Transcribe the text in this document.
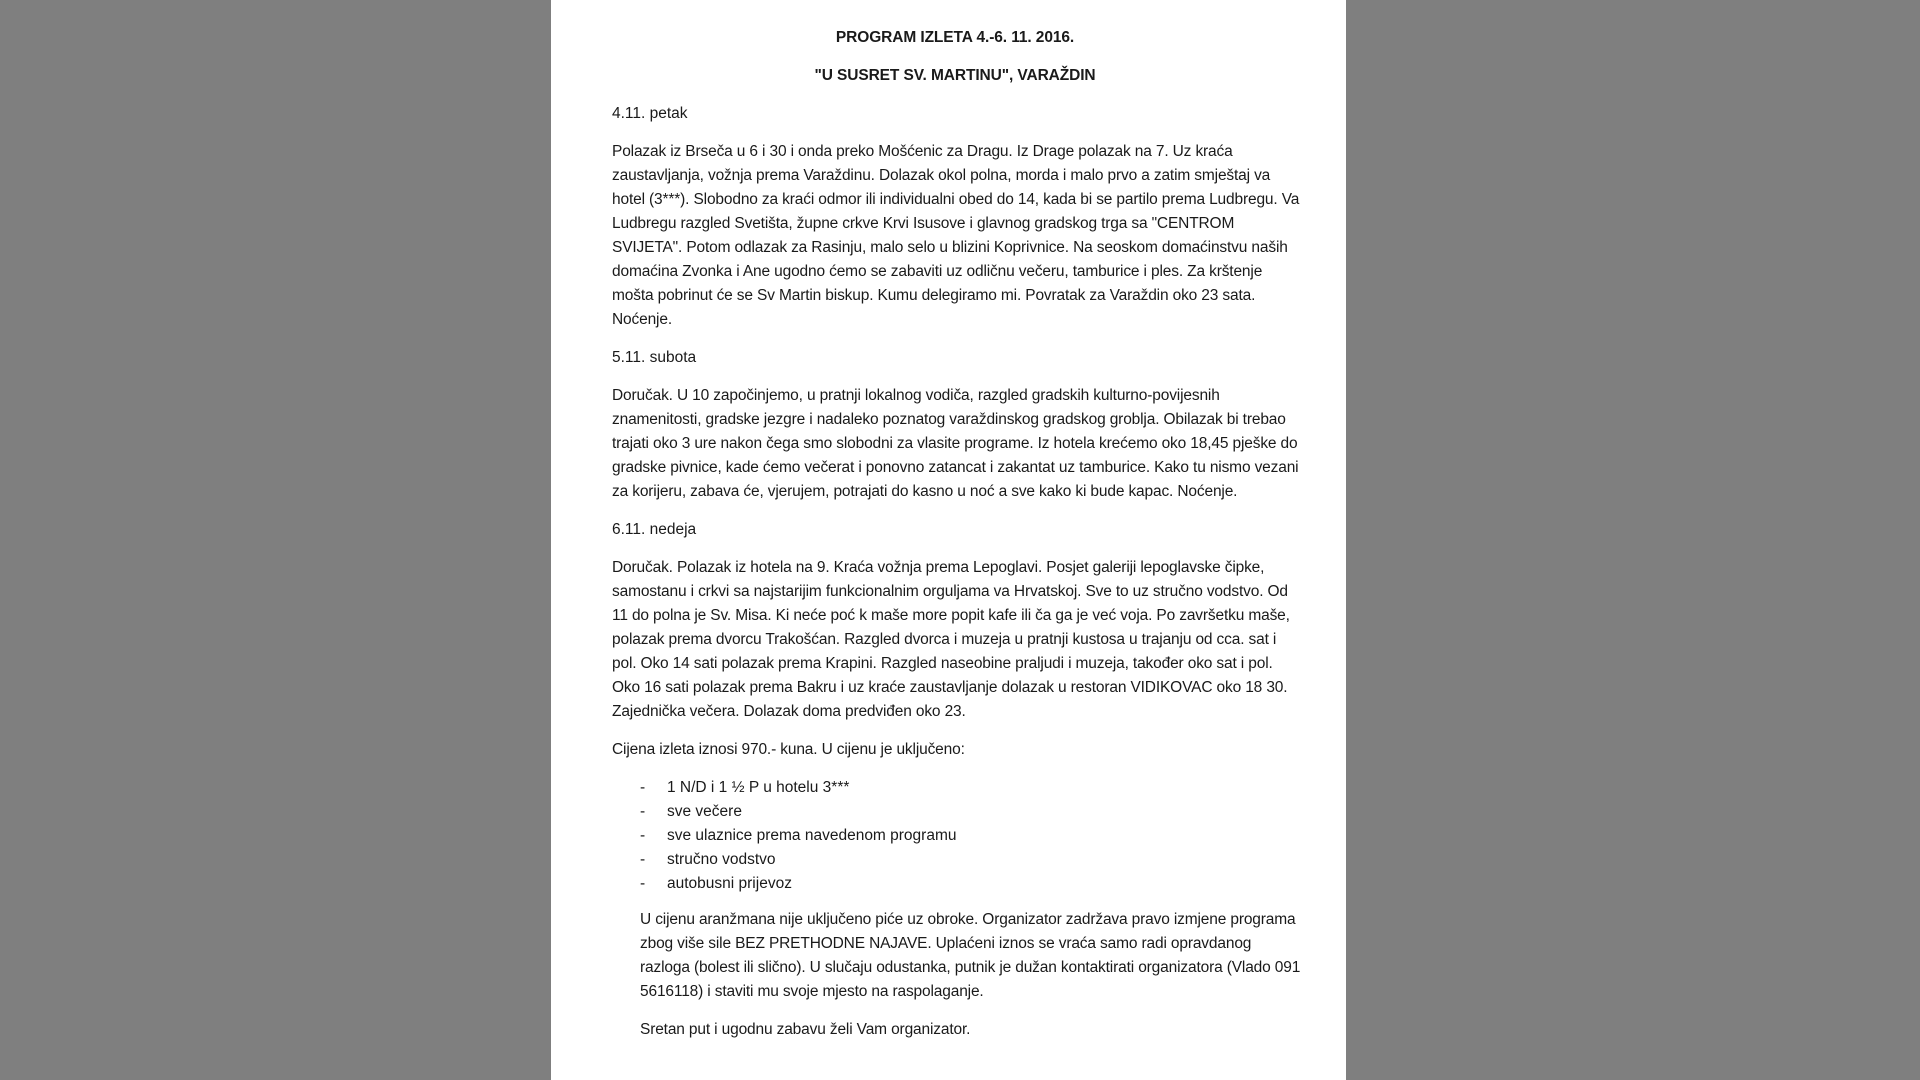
PROGRAM IZLETA 4.-6. 11. 2016.
"U SUSRET SV. MARTINU", VARAŽDIN
4.11. petak

Polazak iz Brseča u 6 i 30 i onda preko Mošćenic za Dragu. Iz Drage polazak na 7. Uz kraća zaustavljanja, vožnja prema Varaždinu. Dolazak okol polna, morda i malo prvo a zatim smještaj va hotel (3***). Slobodno za kraći odmor ili individualni obed do 14, kada bi se partilo prema Ludbregu. Va Ludbregu razgled Svetišta, župne crkve Krvi Isusove i glavnog gradskog trga sa "CENTROM SVIJETA". Potom odlazak za Rasinju, malo selo u blizini Koprivnice. Na seoskom domaćinstvu naših domaćina Zvonka i Ane ugodno ćemo se zabaviti uz odličnu večeru, tamburice i ples. Za krštenje mošta pobrinut će se Sv Martin biskup. Kumu delegiramo mi. Povratak za Varaždin oko 23 sata. Noćenje.

5.11. subota

Doručak. U 10 započinjemo, u pratnji lokalnog vodiča, razgled gradskih kulturno-povijesnih znamenitosti, gradske jezgre i nadaleko poznatog varaždinskog gradskog groblja. Obilazak bi trebao trajati oko 3 ure nakon čega smo slobodni za vlasite programe. Iz hotela krećemo oko 18,45 pješke do gradske pivnice, kade ćemo večerat i ponovno zatancat i zakantat uz tamburice. Kako tu nismo vezani za korijeru, zabava će, vjerujem, potrajati do kasno u noć a sve kako ki bude kapac. Noćenje.

6.11. nedeja

Doručak. Polazak iz hotela na 9. Kraća vožnja prema Lepoglavi. Posjet galeriji lepoglavske čipke, samostanu i crkvi sa najstarijim funkcionalnim orguljama va Hrvatskoj. Sve to uz stručno vodstvo. Od 11 do polna je Sv. Misa. Ki neće poć k maše more popit kafe ili ča ga je već voja. Po završetku maše, polazak prema dvorcu Trakošćan. Razgled dvorca i muzeja u pratnji kustosa u trajanju od cca. sat i pol. Oko 14 sati polazak prema Krapini. Razgled naseobine praljudi i muzeja, također oko sat i pol. Oko 16 sati polazak prema Bakru i uz kraće zaustavljanje dolazak u restoran VIDIKOVAC oko 18 30. Zajednička večera. Dolazak doma predviđen oko 23.

Cijena izleta iznosi 970.- kuna. U cijenu je uključeno:

- 1 N/D i 1 ½ P u hotelu 3***
- sve večere
- sve ulaznice prema navedenom programu
- stručno vodstvo
- autobusni prijevoz

U cijenu aranžmana nije uključeno piće uz obroke. Organizator zadržava pravo izmjene programa zbog više sile BEZ PRETHODNE NAJAVE. Uplaćeni iznos se vraća samo radi opravdanog razloga (bolest ili slično). U slučaju odustanka, putnik je dužan kontaktirati organizatora (Vlado 091 5616118) i staviti mu svoje mjesto na raspolaganje.

Sretan put i ugodnu zabavu želi Vam organizator.
